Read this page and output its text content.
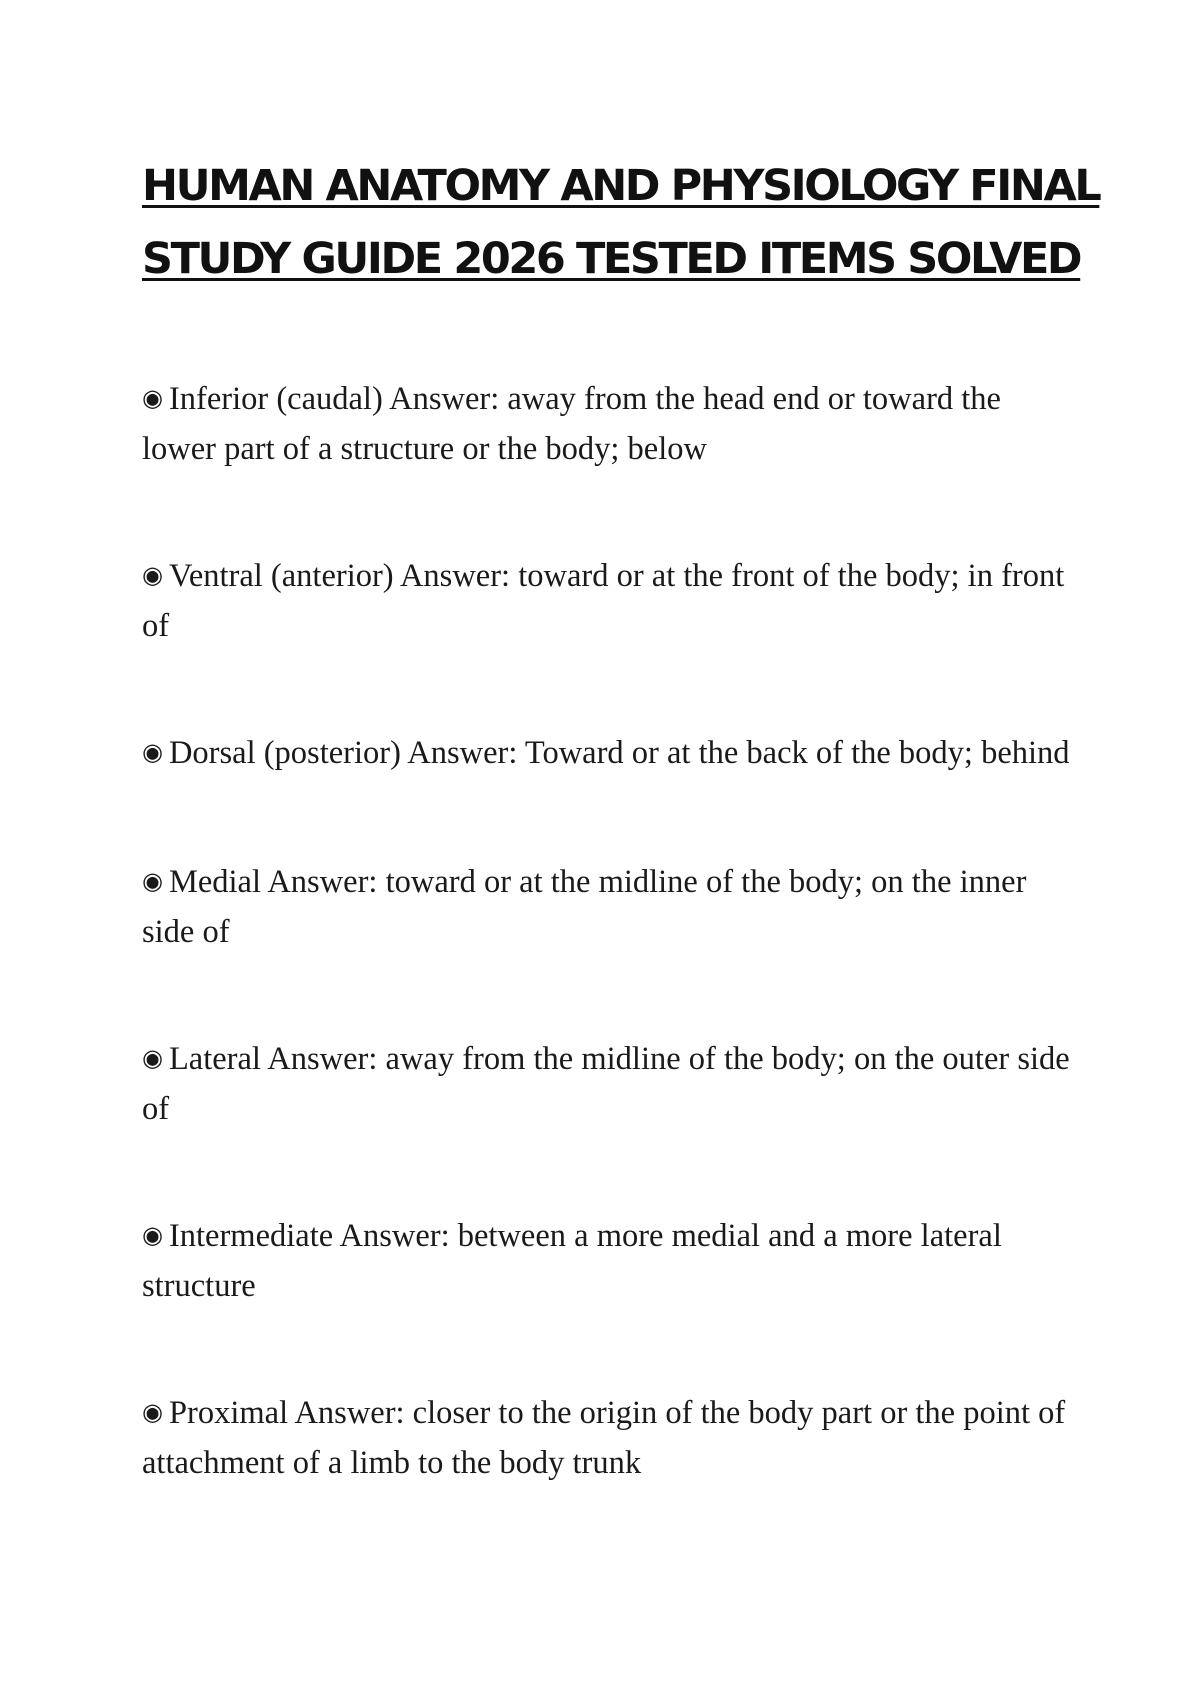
HUMAN ANATOMY AND PHYSIOLOGY FINAL
STUDY GUIDE 2026 TESTED ITEMS SOLVED
◉ Inferior (caudal) Answer: away from the head end or toward the lower part of a structure or the body; below
◉ Ventral (anterior) Answer: toward or at the front of the body; in front of
◉ Dorsal (posterior) Answer: Toward or at the back of the body; behind
◉ Medial Answer: toward or at the midline of the body; on the inner side of
◉ Lateral Answer: away from the midline of the body; on the outer side of
◉ Intermediate Answer: between a more medial and a more lateral structure
◉ Proximal Answer: closer to the origin of the body part or the point of attachment of a limb to the body trunk
